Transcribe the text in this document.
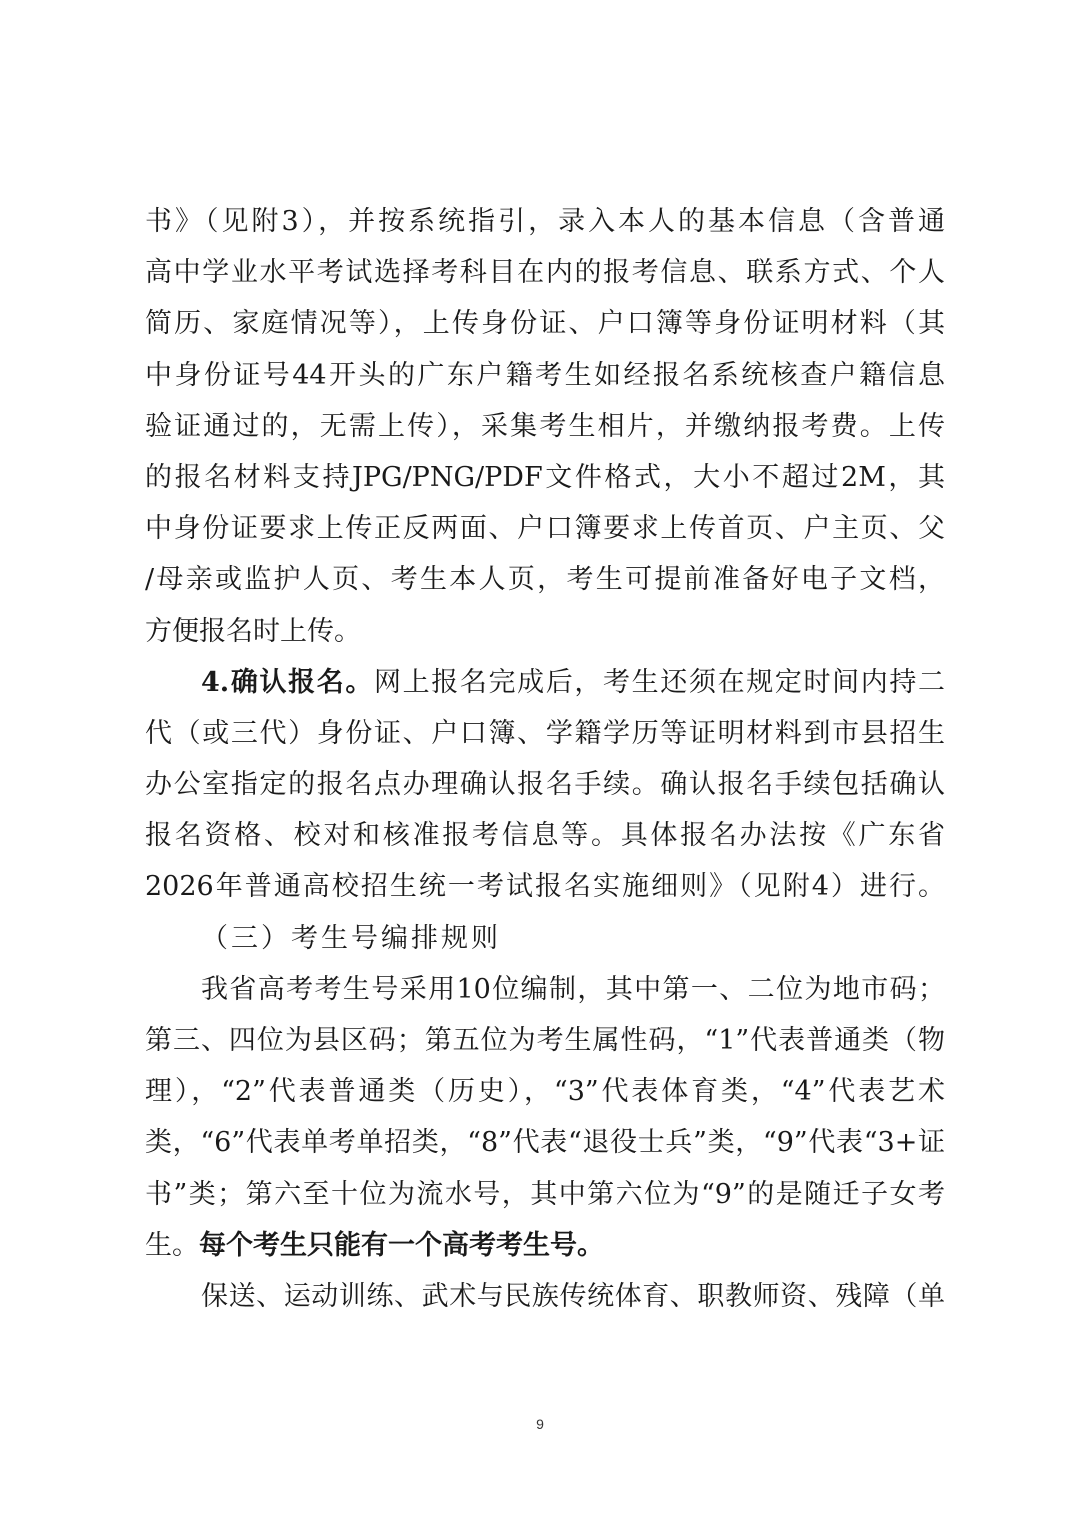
书》（见附3），并按系统指引，录入本人的基本信息（含普通
高中学业水平考试选择考科目在内的报考信息、联系方式、个人
简历、家庭情况等），上传身份证、户口簿等身份证明材料（其
中身份证号44开头的广东户籍考生如经报名系统核查户籍信息
验证通过的，无需上传），采集考生相片，并缴纳报考费。上传
的报名材料支持JPG/PNG/PDF文件格式，大小不超过2M，其
中身份证要求上传正反两面、户口簿要求上传首页、户主页、父
/母亲或监护人页、考生本人页，考生可提前准备好电子文档，
方便报名时上传。
4.确认报名。网上报名完成后，考生还须在规定时间内持二
代（或三代）身份证、户口簿、学籍学历等证明材料到市县招生
办公室指定的报名点办理确认报名手续。确认报名手续包括确认
报名资格、校对和核准报考信息等。具体报名办法按《广东省
2026年普通高校招生统一考试报名实施细则》（见附4）进行。
（三）考生号编排规则
我省高考考生号采用10位编制，其中第一、二位为地市码；
第三、四位为县区码；第五位为考生属性码，“1”代表普通类（物
理），“2”代表普通类（历史），“3”代表体育类，“4”代表艺术
类，“6”代表单考单招类，“8”代表“退役士兵”类，“9”代表“3+证
书”类；第六至十位为流水号，其中第六位为“9”的是随迁子女考
生。每个考生只能有一个高考考生号。
保送、运动训练、武术与民族传统体育、职教师资、残障（单
9
